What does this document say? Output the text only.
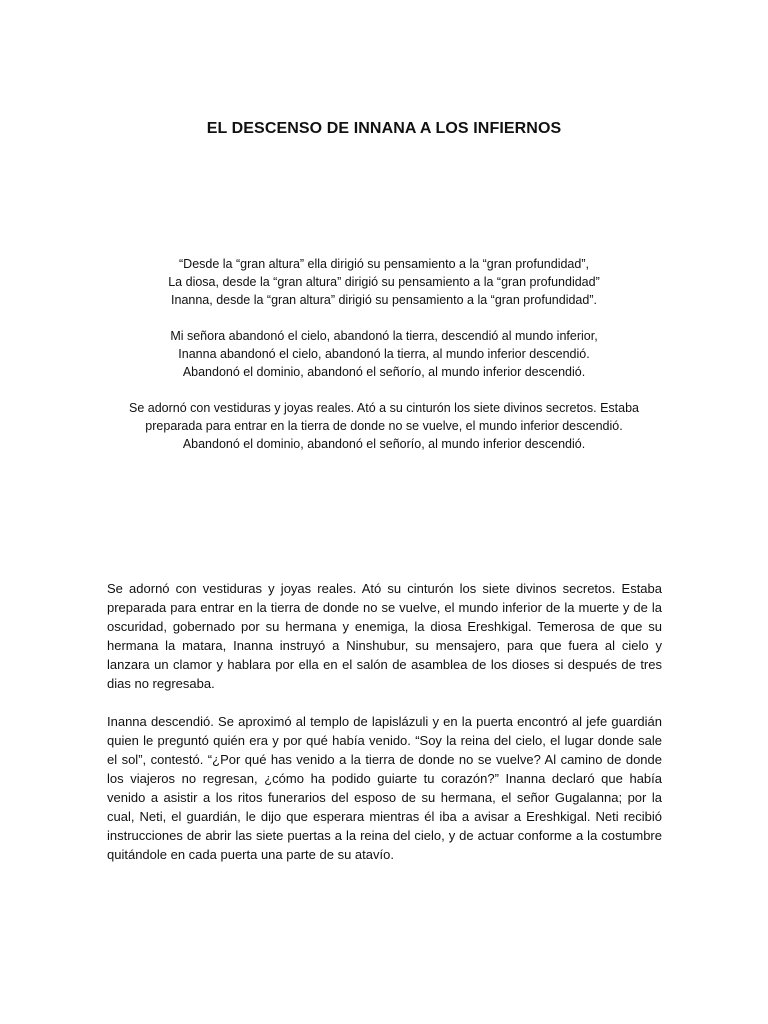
EL DESCENSO DE INNANA A LOS INFIERNOS
“Desde la “gran altura” ella dirigió su pensamiento a la “gran profundidad”,
La diosa, desde la “gran altura” dirigió su pensamiento a la “gran profundidad”
Inanna, desde la “gran altura” dirigió su pensamiento a la “gran profundidad”.
Mi señora abandonó el cielo, abandonó la tierra, descendió al mundo inferior,
Inanna abandonó el cielo, abandonó la tierra, al mundo inferior descendió.
Abandonó el dominio, abandonó el señorío, al mundo inferior descendió.
Se adornó con vestiduras y joyas reales. Ató a su cinturón los siete divinos secretos. Estaba
preparada para entrar en la tierra de donde no se vuelve, el mundo inferior descendió.
Abandonó el dominio, abandonó el señorío, al mundo inferior descendió.

Se adornó con vestiduras y joyas reales. Ató su cinturón los siete divinos secretos. Estaba preparada para entrar en la tierra de donde no se vuelve, el mundo inferior de la muerte y de la oscuridad, gobernado por su hermana y enemiga, la diosa Ereshkigal. Temerosa de que su hermana la matara, Inanna instruyó a Ninshubur, su mensajero, para que fuera al cielo y lanzara un clamor y hablara por ella en el salón de asamblea de los dioses si después de tres dias no regresaba.

Inanna descendió. Se aproximó al templo de lapislázuli y en la puerta encontró al jefe guardián quien le preguntó quién era y por qué había venido. “Soy la reina del cielo, el lugar donde sale el sol”, contestó. “¿Por qué has venido a la tierra de donde no se vuelve? Al camino de donde los viajeros no regresan, ¿cómo ha podido guiarte tu corazón?” Inanna declaró que había venido a asistir a los ritos funerarios del esposo de su hermana, el señor Gugalanna; por la cual, Neti, el guardián, le dijo que esperara mientras él iba a avisar a Ereshkigal. Neti recibió instrucciones de abrir las siete puertas a la reina del cielo, y de actuar conforme a la costumbre quitándole en cada puerta una parte de su atavío.
